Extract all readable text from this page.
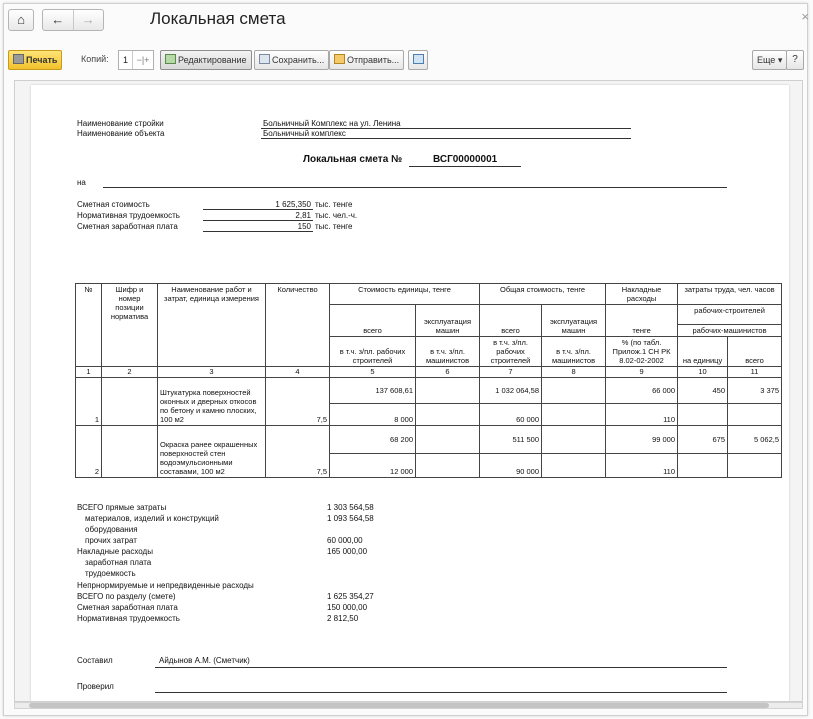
⌂	←	→	Локальная смета	×
Печать	Копий:	1 −|+	Редактирование	Сохранить...	Отправить...	Еще ▾ ?
Наименование стройки	Больничный Комплекс на ул. Ленина
Наименование объекта	Больничный комплекс
Локальная смета №	ВСГ00000001
на
Сметная стоимость	1 625,350 тыс. тенге
Нормативная трудоемкость	2,81 тыс. чел.-ч.
Сметная заработная плата	150 тыс. тенге
№	Шифр и номер позиции норматива	Наименование работ и затрат, единица измерения	Количество	Стоимость единицы, тенге		Общая стоимость, тенге		Накладные расходы	затраты труда, чел. часов	
				всего	эксплуатация машин	всего	эксплуатация машин	тенге	рабочих-строителей	
									рабочих-машинистов	
				в т.ч. з/пл. рабочих строителей	в т.ч. з/пл. машинистов	в т.ч. з/пл. рабочих строителей	в т.ч. з/пл. машинистов	% (по табл. Прилож.1 СН РК 8.02-02-2002	на единицу	всего
1	2	3	4	5	6	7	8	9	10	11
1		Штукатурка поверхностей оконных и дверных откосов по бетону и камню плоских, 100 м2	7,5	137 608,61		1 032 064,58		66 000	450	3 375
				8 000		60 000		110		
2		Окраска ранее окрашенных поверхностей стен водоэмульсионными составами, 100 м2	7,5	68 200		511 500		99 000	675	5 062,5
				12 000		90 000		110		
ВСЕГО прямые затраты	1 303 564,58
материалов, изделий и конструкций	1 093 564,58
оборудования
прочих затрат	60 000,00
Накладные расходы	165 000,00
заработная плата
трудоемкость
Непрнормируемые и непредвиденные расходы
ВСЕГО по разделу (смете)	1 625 354,27
Сметная заработная плата	150 000,00
Нормативная трудоемкость	2 812,50
Составил	Айдынов А.М. (Сметчик)
Проверил
